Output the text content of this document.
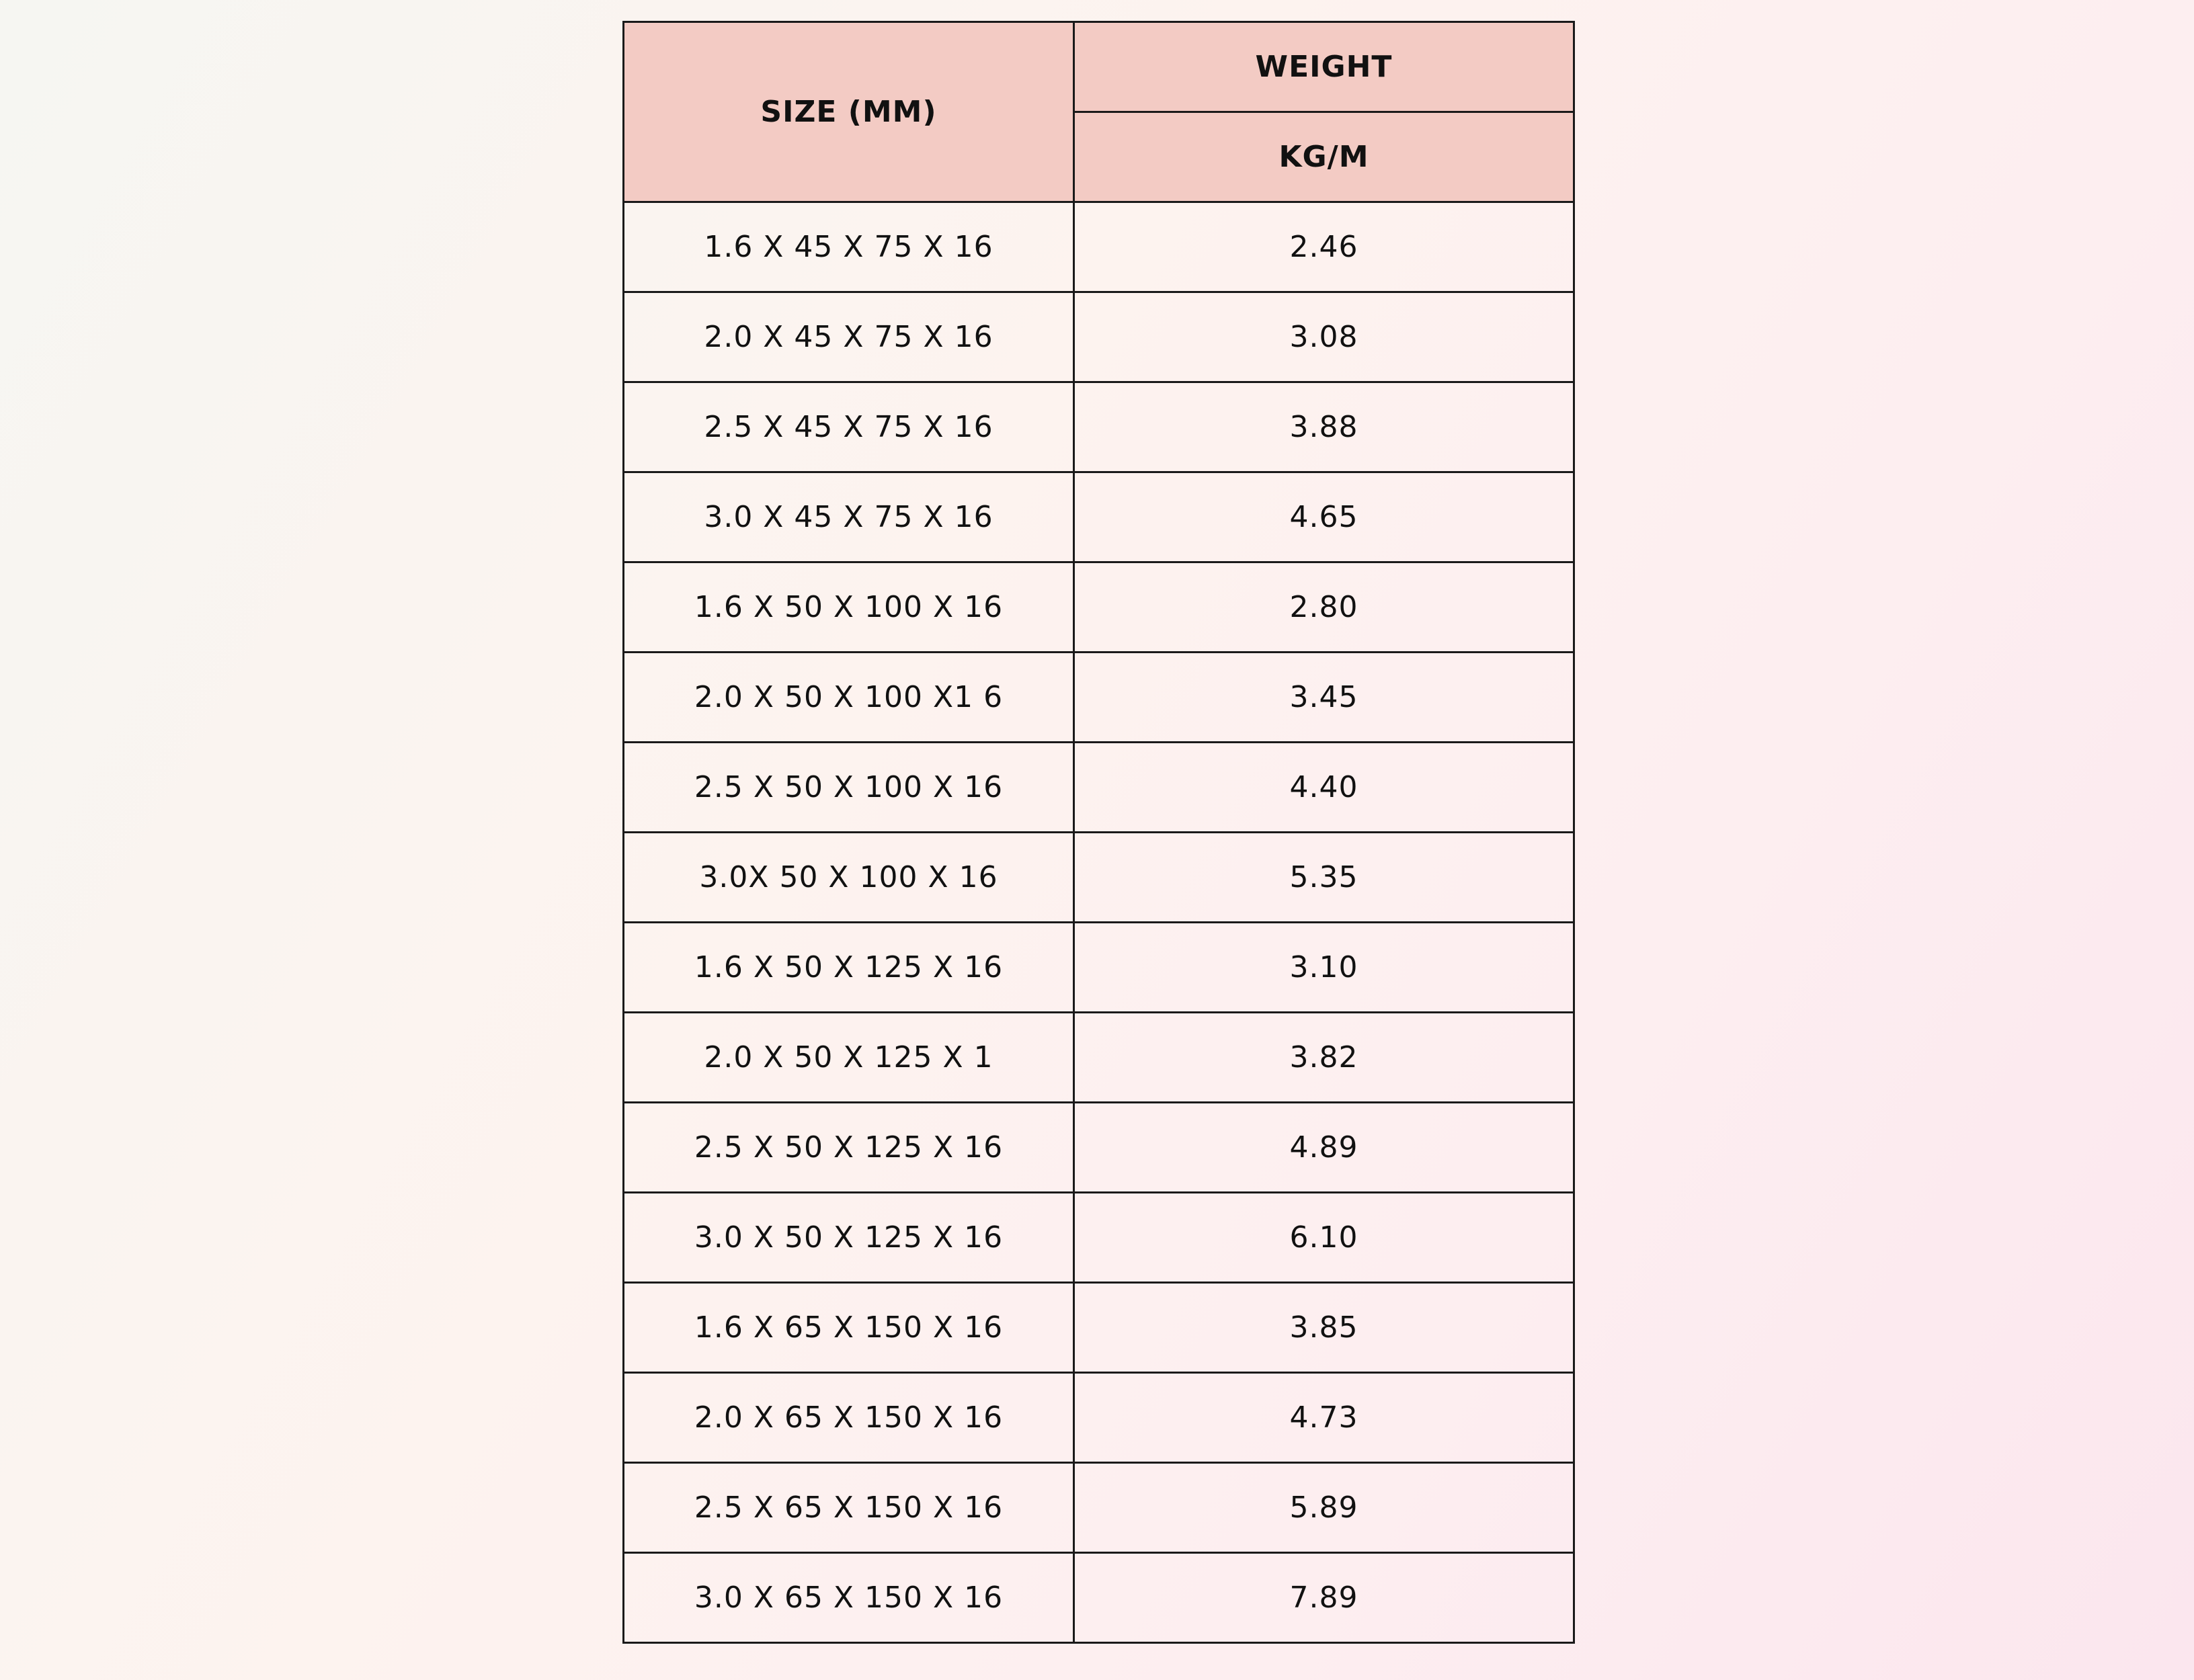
SIZE (MM)	WEIGHT
	KG/M
1.6 X 45 X 75 X 16	2.46
2.0 X 45 X 75 X 16	3.08
2.5 X 45 X 75 X 16	3.88
3.0 X 45 X 75 X 16	4.65
1.6 X 50 X 100 X 16	2.80
2.0 X 50 X 100 X1 6	3.45
2.5 X 50 X 100 X 16	4.40
3.0X 50 X 100 X 16	5.35
1.6 X 50 X 125 X 16	3.10
2.0 X 50 X 125 X 1	3.82
2.5 X 50 X 125 X 16	4.89
3.0 X 50 X 125 X 16	6.10
1.6 X 65 X 150 X 16	3.85
2.0 X 65 X 150 X 16	4.73
2.5 X 65 X 150 X 16	5.89
3.0 X 65 X 150 X 16	7.89
